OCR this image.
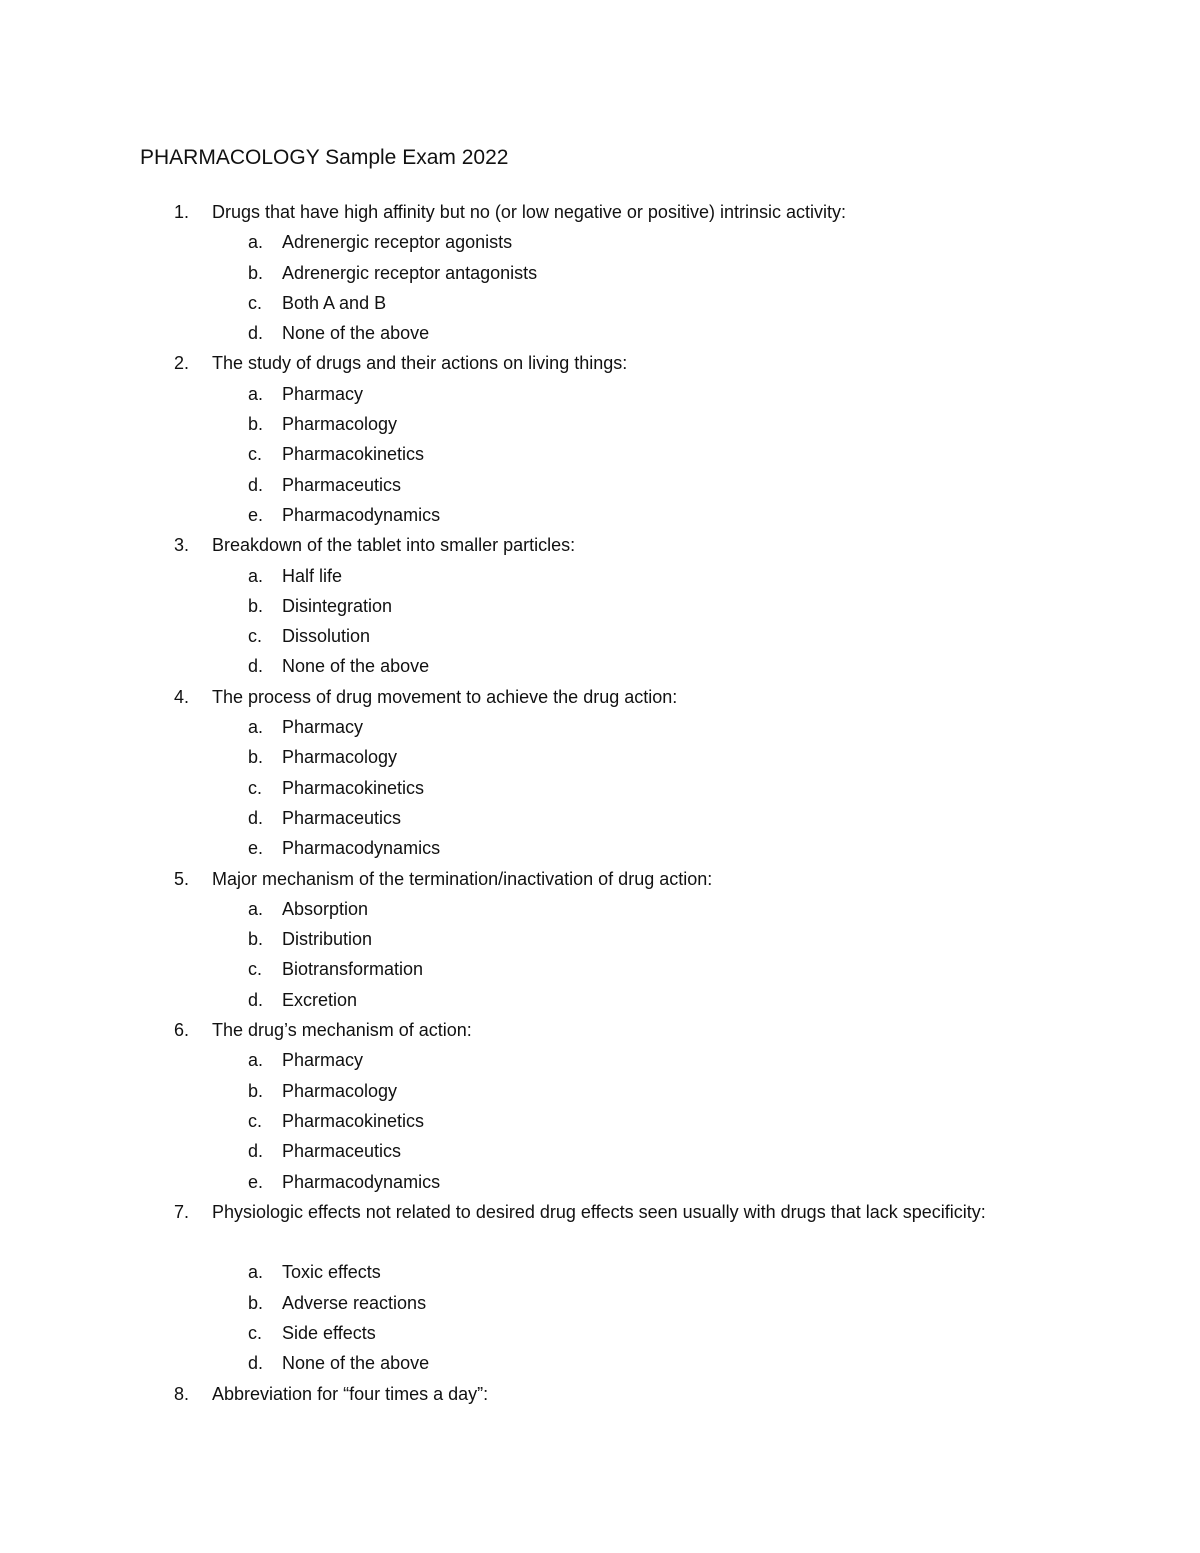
PHARMACOLOGY Sample Exam 2022
1. Drugs that have high affinity but no (or low negative or positive) intrinsic activity:
a. Adrenergic receptor agonists
b. Adrenergic receptor antagonists
c. Both A and B
d. None of the above
2. The study of drugs and their actions on living things:
a. Pharmacy
b. Pharmacology
c. Pharmacokinetics
d. Pharmaceutics
e. Pharmacodynamics
3. Breakdown of the tablet into smaller particles:
a. Half life
b. Disintegration
c. Dissolution
d. None of the above
4. The process of drug movement to achieve the drug action:
a. Pharmacy
b. Pharmacology
c. Pharmacokinetics
d. Pharmaceutics
e. Pharmacodynamics
5. Major mechanism of the termination/inactivation of drug action:
a. Absorption
b. Distribution
c. Biotransformation
d. Excretion
6. The drug’s mechanism of action:
a. Pharmacy
b. Pharmacology
c. Pharmacokinetics
d. Pharmaceutics
e. Pharmacodynamics
7. Physiologic effects not related to desired drug effects seen usually with drugs that lack specificity:
a. Toxic effects
b. Adverse reactions
c. Side effects
d. None of the above
8. Abbreviation for “four times a day”:
